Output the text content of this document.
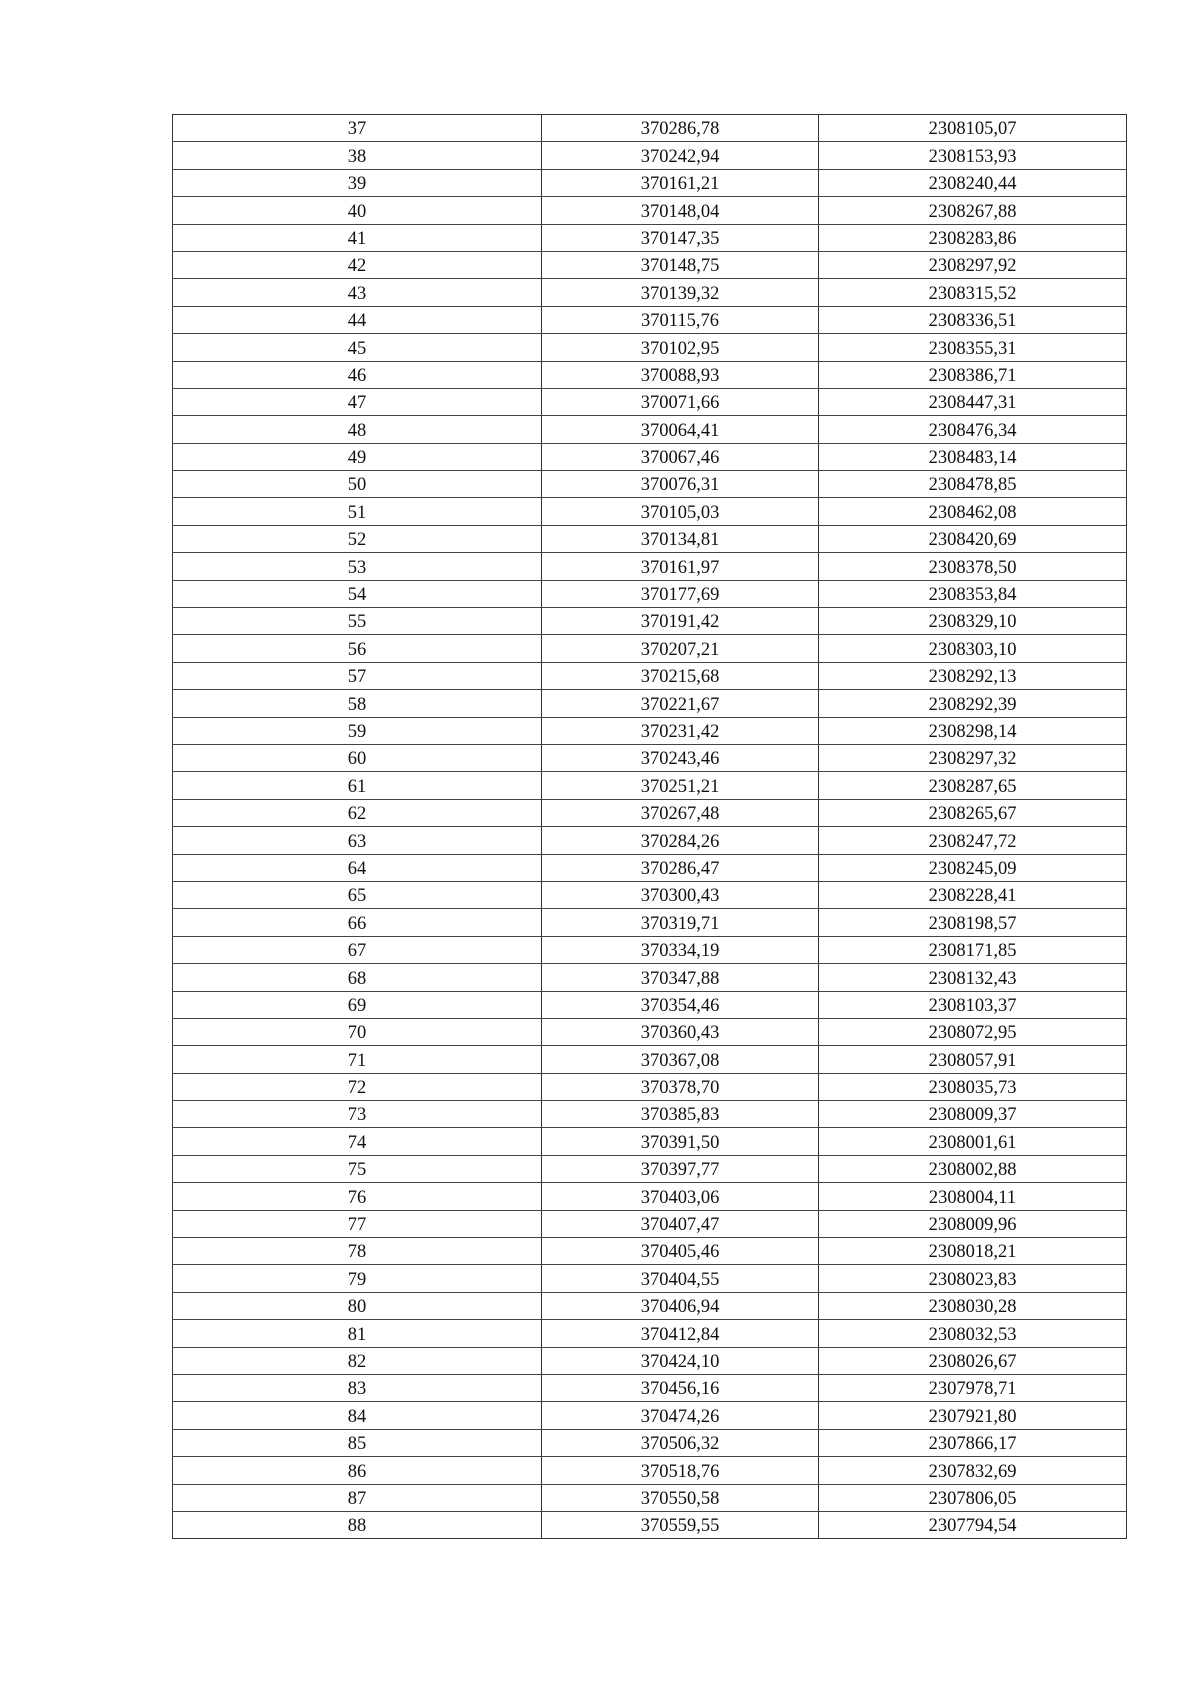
37	370286,78	2308105,07
38	370242,94	2308153,93
39	370161,21	2308240,44
40	370148,04	2308267,88
41	370147,35	2308283,86
42	370148,75	2308297,92
43	370139,32	2308315,52
44	370115,76	2308336,51
45	370102,95	2308355,31
46	370088,93	2308386,71
47	370071,66	2308447,31
48	370064,41	2308476,34
49	370067,46	2308483,14
50	370076,31	2308478,85
51	370105,03	2308462,08
52	370134,81	2308420,69
53	370161,97	2308378,50
54	370177,69	2308353,84
55	370191,42	2308329,10
56	370207,21	2308303,10
57	370215,68	2308292,13
58	370221,67	2308292,39
59	370231,42	2308298,14
60	370243,46	2308297,32
61	370251,21	2308287,65
62	370267,48	2308265,67
63	370284,26	2308247,72
64	370286,47	2308245,09
65	370300,43	2308228,41
66	370319,71	2308198,57
67	370334,19	2308171,85
68	370347,88	2308132,43
69	370354,46	2308103,37
70	370360,43	2308072,95
71	370367,08	2308057,91
72	370378,70	2308035,73
73	370385,83	2308009,37
74	370391,50	2308001,61
75	370397,77	2308002,88
76	370403,06	2308004,11
77	370407,47	2308009,96
78	370405,46	2308018,21
79	370404,55	2308023,83
80	370406,94	2308030,28
81	370412,84	2308032,53
82	370424,10	2308026,67
83	370456,16	2307978,71
84	370474,26	2307921,80
85	370506,32	2307866,17
86	370518,76	2307832,69
87	370550,58	2307806,05
88	370559,55	2307794,54
